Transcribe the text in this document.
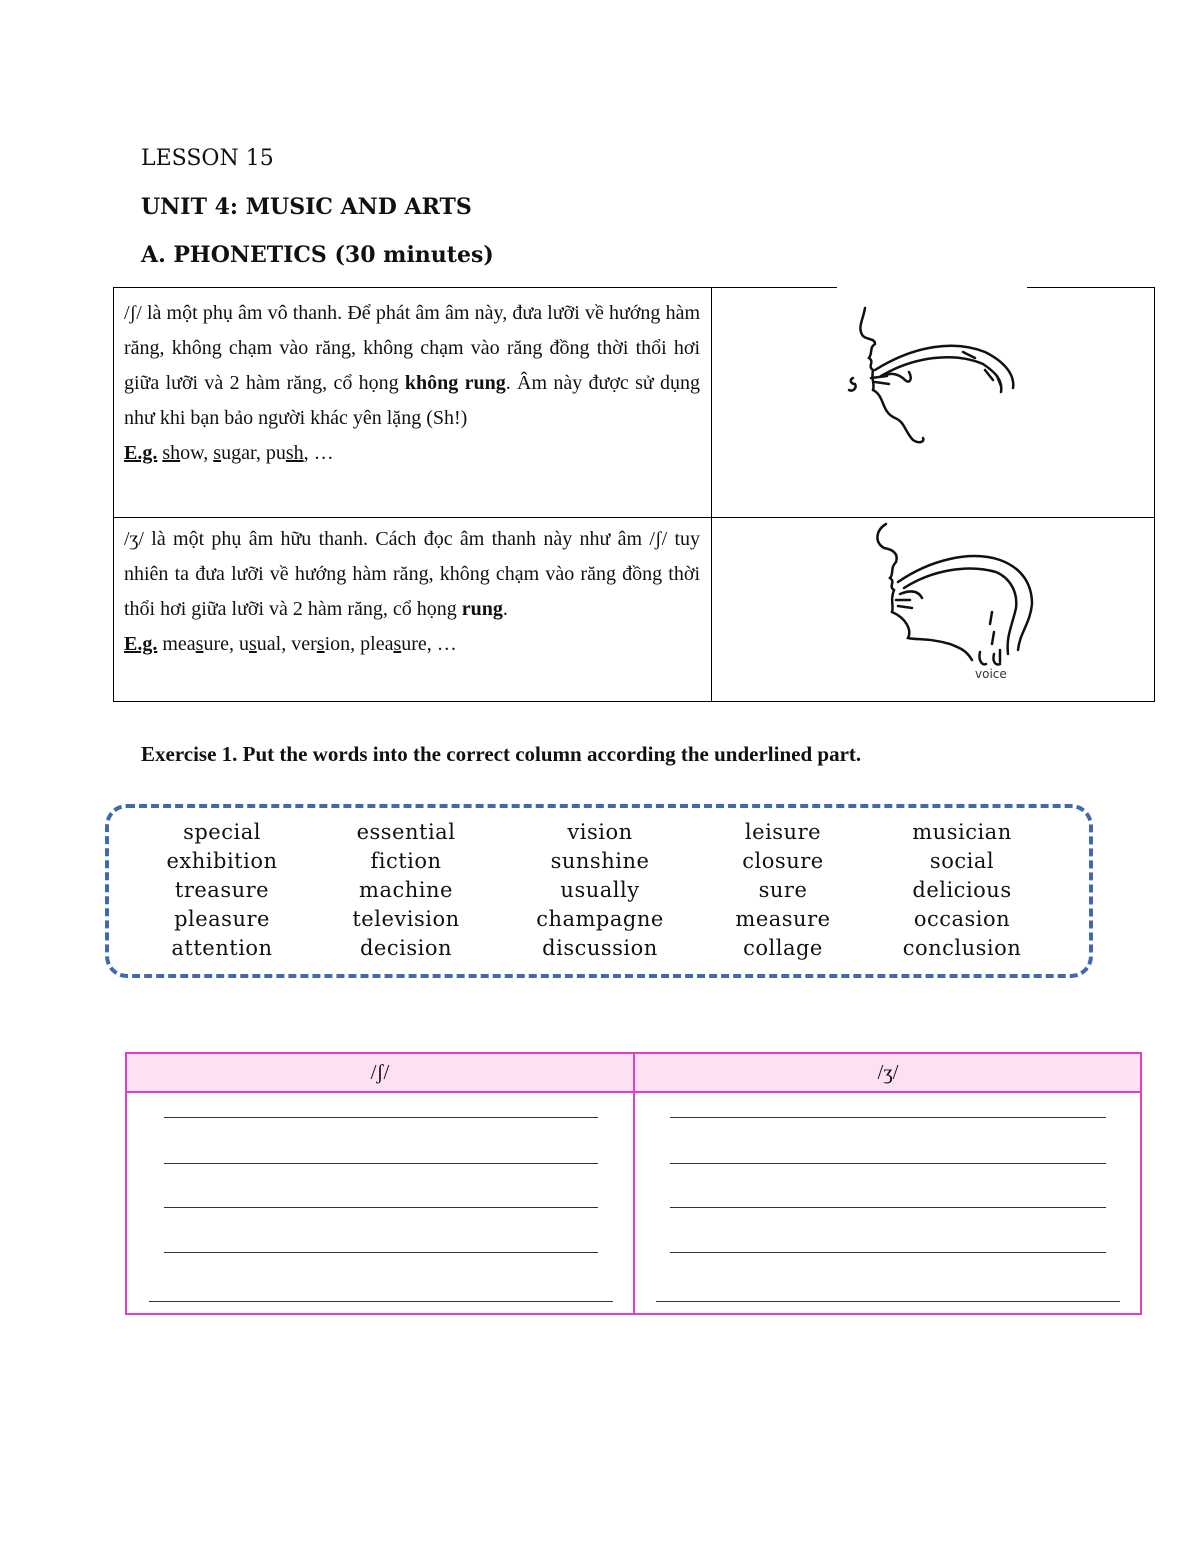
LESSON 15
UNIT 4: MUSIC AND ARTS
A. PHONETICS (30 minutes)
/ʃ/ là một phụ âm vô thanh. Để phát âm âm này, đưa lưỡi về hướng hàm răng, không chạm vào răng, không chạm vào răng đồng thời thổi hơi giữa lưỡi và 2 hàm răng, cổ họng không rung. Âm này được sử dụng như khi bạn bảo người khác yên lặng (Sh!)
E.g. show, sugar, push, …
/ʒ/ là một phụ âm hữu thanh. Cách đọc âm thanh này như âm /ʃ/ tuy nhiên ta đưa lưỡi về hướng hàm răng, không chạm vào răng đồng thời thổi hơi giữa lưỡi và 2 hàm răng, cổ họng rung.
E.g. measure, usual, version, pleasure, …
voice
Exercise 1. Put the words into the correct column according the underlined part.
special
exhibition
treasure
pleasure
attention
essential
fiction
machine
television
decision
vision
sunshine
usually
champagne
discussion
leisure
closure
sure
measure
collage
musician
social
delicious
occasion
conclusion
/ʃ/	/ʒ/
